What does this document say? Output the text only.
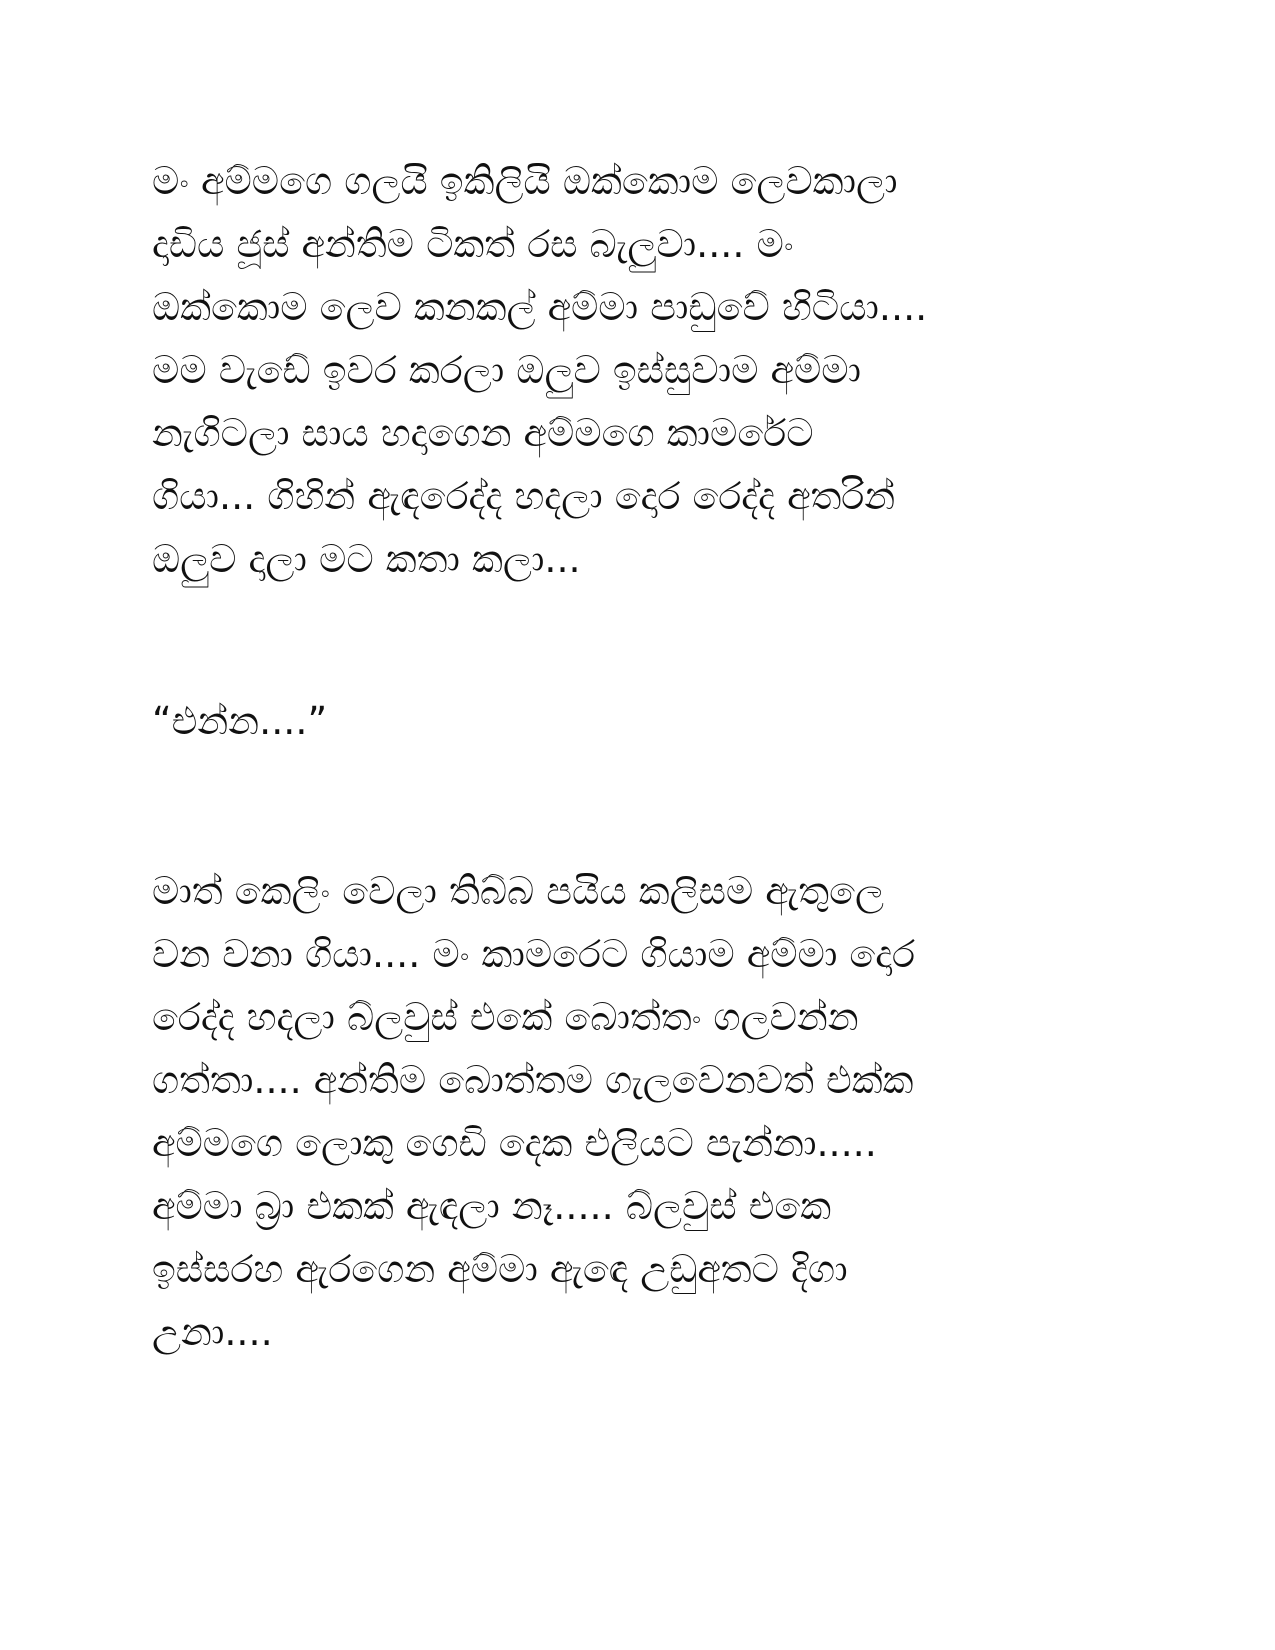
මං අම්මගෙ ගලයි ඉකිලියි ඔක්කොම ලෙවකාලා
දාඩිය ජූස් අන්තිම ටිකත් රස බැලුවා.... මං
ඔක්කොම ලෙව කනකල් අම්මා පාඩුවේ හිටියා....
මම වැඩේ ඉවර කරලා ඔලුව ඉස්සුවාම අම්මා
නැගිටලා සාය හදාගෙන අම්මගෙ කාමරේට
ගියා... ගිහින් ඇඳරෙද්ද හදලා දොර රෙද්ද අතරින්
ඔලුව දාලා මට කතා කලා...
“එන්න....”
මාත් කෙලිං වෙලා තිබ්බ පයිය කලිසම ඇතුලෙ
වන වනා ගියා.... මං කාමරෙට ගියාම අම්මා දොර
රෙද්ද හදලා බ්ලවුස් එකේ බොත්තං ගලවන්න
ගත්තා.... අන්තිම බොත්තම ගැලවෙනවත් එක්ක
අම්මගෙ ලොකු ගෙඩි දෙක එලියට පැන්නා.....
අම්මා බ්‍රා එකක් ඇඳලා නෑ..... බ්ලවුස් එකෙ
ඉස්සරහ ඇරගෙන අම්මා ඇඳෙ උඩුඅතට දිගා
උනා....
